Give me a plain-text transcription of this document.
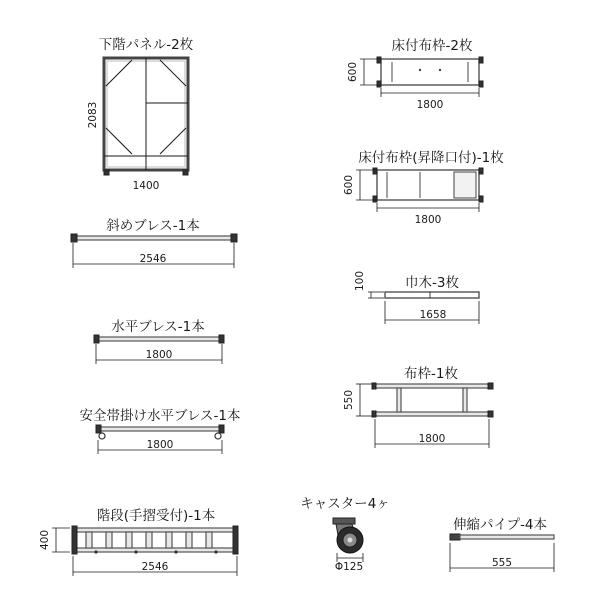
下階パネル-2枚
2083
1400
床付布枠-2枚
600
1800
床付布枠(昇降口付)-1枚
600
1800
斜めブレス-1本
2546
巾木-3枚
100
1658
水平ブレス-1本
1800
布枠-1枚
550
1800
安全帯掛け水平ブレス-1本
1800
階段(手摺受付)-1本
400
2546
キャスター4ヶ
Φ125
伸縮パイプ-4本
555
